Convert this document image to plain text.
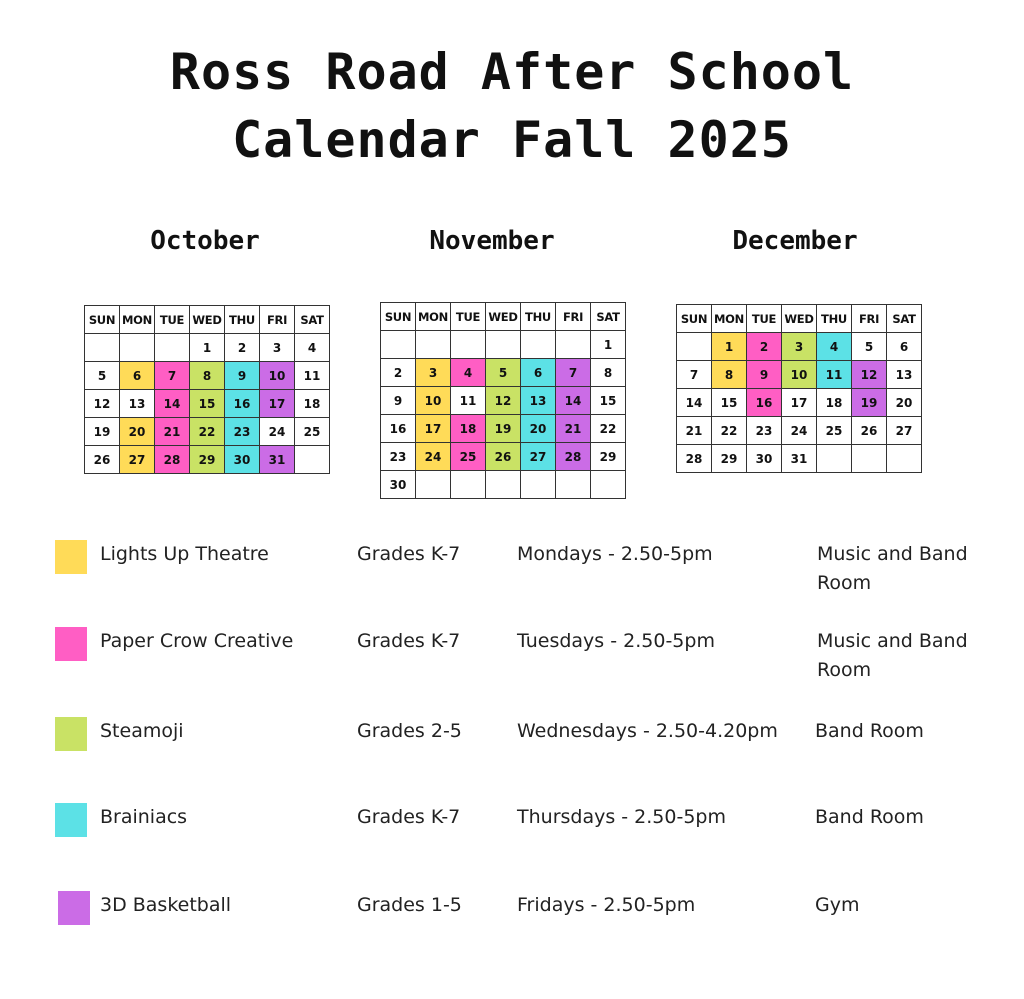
Ross Road After School
Calendar Fall 2025
October
SUN	MON	TUE	WED	THU	FRI	SAT
			1	2	3	4
5	6	7	8	9	10	11
12	13	14	15	16	17	18
19	20	21	22	23	24	25
26	27	28	29	30	31	
November
SUN	MON	TUE	WED	THU	FRI	SAT
						1
2	3	4	5	6	7	8
9	10	11	12	13	14	15
16	17	18	19	20	21	22
23	24	25	26	27	28	29
30						
December
SUN	MON	TUE	WED	THU	FRI	SAT
	1	2	3	4	5	6
7	8	9	10	11	12	13
14	15	16	17	18	19	20
21	22	23	24	25	26	27
28	29	30	31			
Lights Up Theatre	Grades K-7	Mondays - 2.50-5pm	Music and Band
Room
Paper Crow Creative	Grades K-7	Tuesdays - 2.50-5pm	Music and Band
Room
Steamoji	Grades 2-5	Wednesdays - 2.50-4.20pm Band Room
Brainiacs	Grades K-7	Thursdays - 2.50-5pm	Band Room
3D Basketball	Grades 1-5	Fridays - 2.50-5pm	Gym
